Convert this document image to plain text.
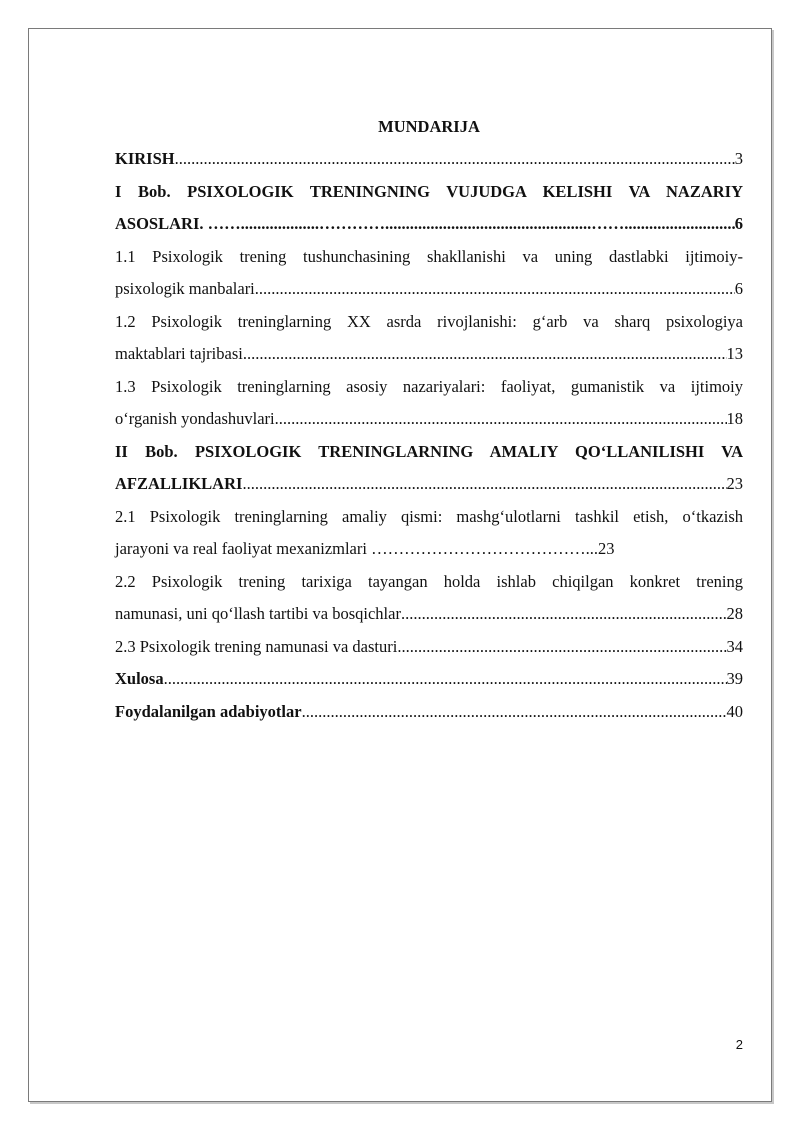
MUNDARIJA
KIRISH .....	3
I Bob. PSIXOLOGIK TRENINGNING VUJUDGA KELISHI VA NAZARIY
ASOSLARI. ……...................…………..................................................……........ .....	6
1.1 Psixologik trening tushunchasining shakllanishi va uning dastlabki ijtimoiy-
psixologik manbalari .....	6
1.2 Psixologik treninglarning XX asrda rivojlanishi: g‘arb va sharq psixologiya
maktablari tajribasi .....	13
1.3 Psixologik treninglarning asosiy nazariyalari: faoliyat, gumanistik va ijtimoiy
o‘rganish yondashuvlari .....	18
II Bob. PSIXOLOGIK TRENINGLARNING AMALIY QO‘LLANILISHI VA
AFZALLIKLARI .....	23
2.1 Psixologik treninglarning amaliy qismi: mashg‘ulotlarni tashkil etish, o‘tkazish
jarayoni va real faoliyat mexanizmlari …………………………………...23
2.2 Psixologik trening tarixiga tayangan holda ishlab chiqilgan konkret trening
namunasi, uni qo‘llash tartibi va bosqichlar .....	28
2.3 Psixologik trening namunasi va dasturi .....	34
Xulosa .....	39
Foydalanilgan adabiyotlar .....	40
2
